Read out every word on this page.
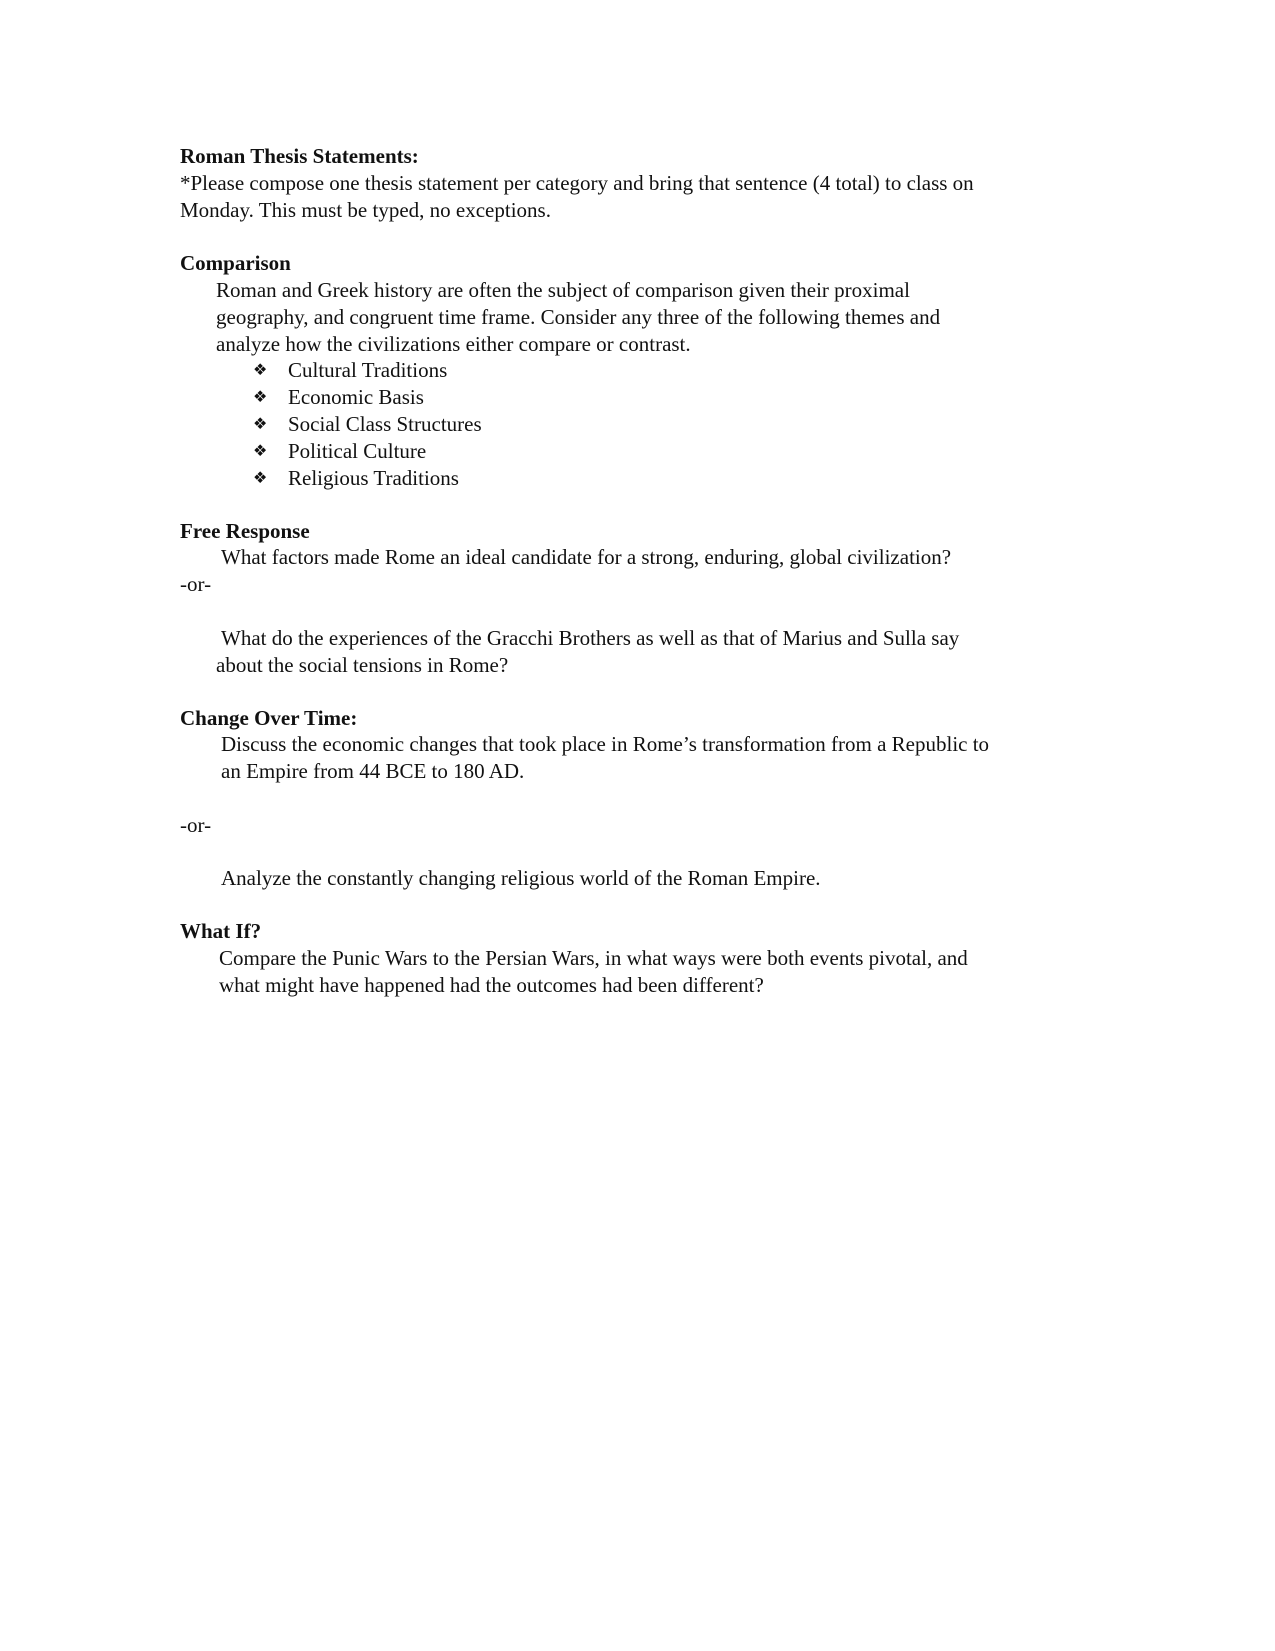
Roman Thesis Statements:
*Please compose one thesis statement per category and bring that sentence (4 total) to class on
Monday. This must be typed, no exceptions.
Comparison
Roman and Greek history are often the subject of comparison given their proximal
geography, and congruent time frame. Consider any three of the following themes and
analyze how the civilizations either compare or contrast.
❖ Cultural Traditions
❖ Economic Basis
❖ Social Class Structures
❖ Political Culture
❖ Religious Traditions
Free Response
What factors made Rome an ideal candidate for a strong, enduring, global civilization?
-or-
What do the experiences of the Gracchi Brothers as well as that of Marius and Sulla say
about the social tensions in Rome?
Change Over Time:
Discuss the economic changes that took place in Rome’s transformation from a Republic to
an Empire from 44 BCE to 180 AD.
-or-
Analyze the constantly changing religious world of the Roman Empire.
What If?
Compare the Punic Wars to the Persian Wars, in what ways were both events pivotal, and
what might have happened had the outcomes had been different?
